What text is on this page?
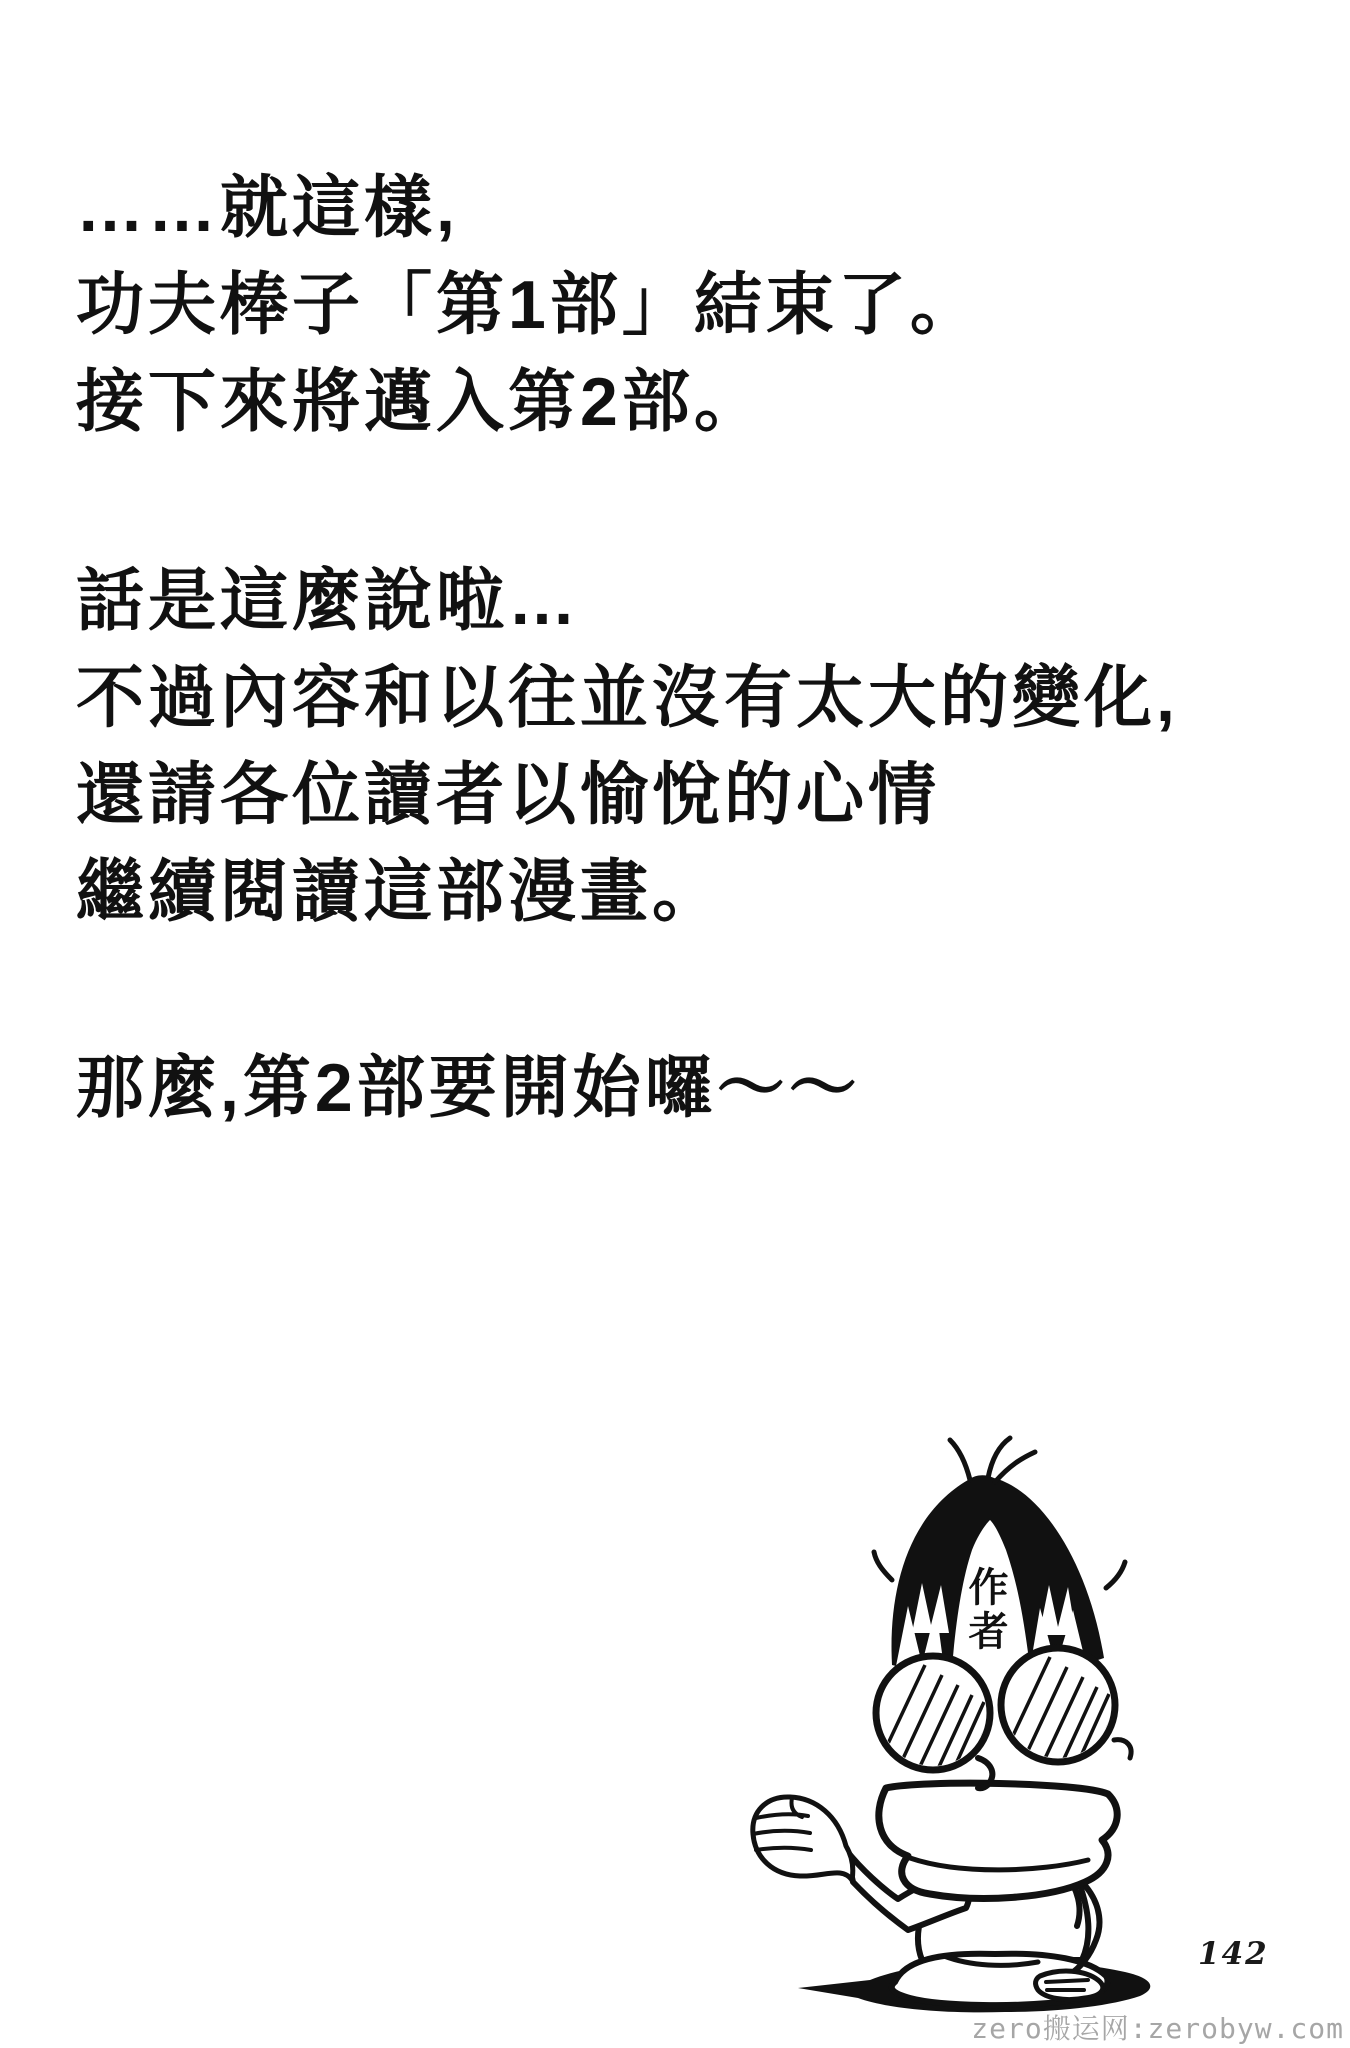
……就這樣,
功夫棒子「第1部」結束了。
接下來將邁入第2部。
話是這麼說啦…
不過內容和以往並沒有太大的變化,
還請各位讀者以愉悅的心情
繼續閱讀這部漫畫。
那麼,第2部要開始囉～～
作者
142
zero搬运网:zerobyw.com
